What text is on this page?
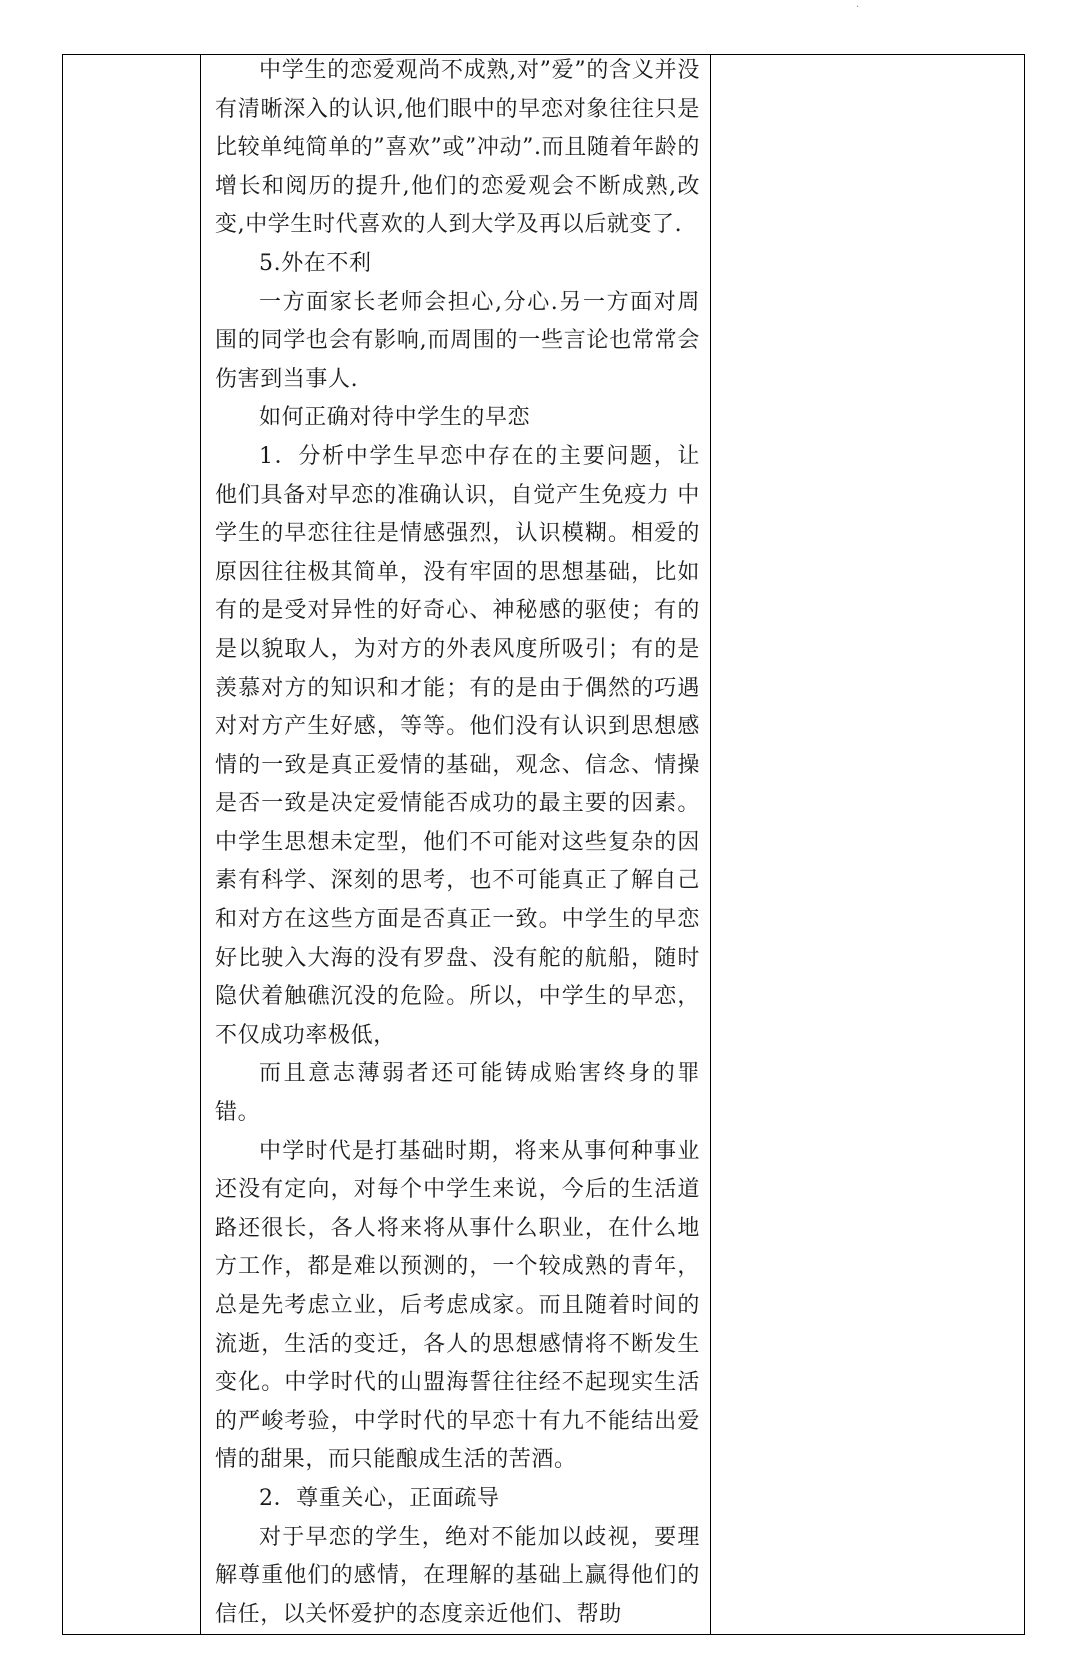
·

中学生的恋爱观尚不成熟,对”爱”的含义并没有清晰深入的认识,他们眼中的早恋对象往往只是比较单纯简单的”喜欢”或”冲动”.而且随着年龄的增长和阅历的提升,他们的恋爱观会不断成熟,改变,中学生时代喜欢的人到大学及再以后就变了.

5.外在不利

一方面家长老师会担心,分心.另一方面对周围的同学也会有影响,而周围的一些言论也常常会伤害到当事人.

如何正确对待中学生的早恋

1．分析中学生早恋中存在的主要问题，让他们具备对早恋的准确认识，自觉产生免疫力 中学生的早恋往往是情感强烈，认识模糊。相爱的原因往往极其简单，没有牢固的思想基础，比如有的是受对异性的好奇心、神秘感的驱使；有的是以貌取人，为对方的外表风度所吸引；有的是羡慕对方的知识和才能；有的是由于偶然的巧遇对对方产生好感，等等。他们没有认识到思想感情的一致是真正爱情的基础，观念、信念、情操是否一致是决定爱情能否成功的最主要的因素。中学生思想未定型，他们不可能对这些复杂的因素有科学、深刻的思考，也不可能真正了解自己和对方在这些方面是否真正一致。中学生的早恋好比驶入大海的没有罗盘、没有舵的航船，随时隐伏着触礁沉没的危险。所以，中学生的早恋，不仅成功率极低，

而且意志薄弱者还可能铸成贻害终身的罪错。

中学时代是打基础时期，将来从事何种事业还没有定向，对每个中学生来说，今后的生活道路还很长，各人将来将从事什么职业，在什么地方工作，都是难以预测的，一个较成熟的青年，总是先考虑立业，后考虑成家。而且随着时间的流逝，生活的变迁，各人的思想感情将不断发生变化。中学时代的山盟海誓往往经不起现实生活的严峻考验，中学时代的早恋十有九不能结出爱情的甜果，而只能酿成生活的苦酒。

2．尊重关心，正面疏导

对于早恋的学生，绝对不能加以歧视，要理解尊重他们的感情，在理解的基础上赢得他们的信任，以关怀爱护的态度亲近他们、帮助
